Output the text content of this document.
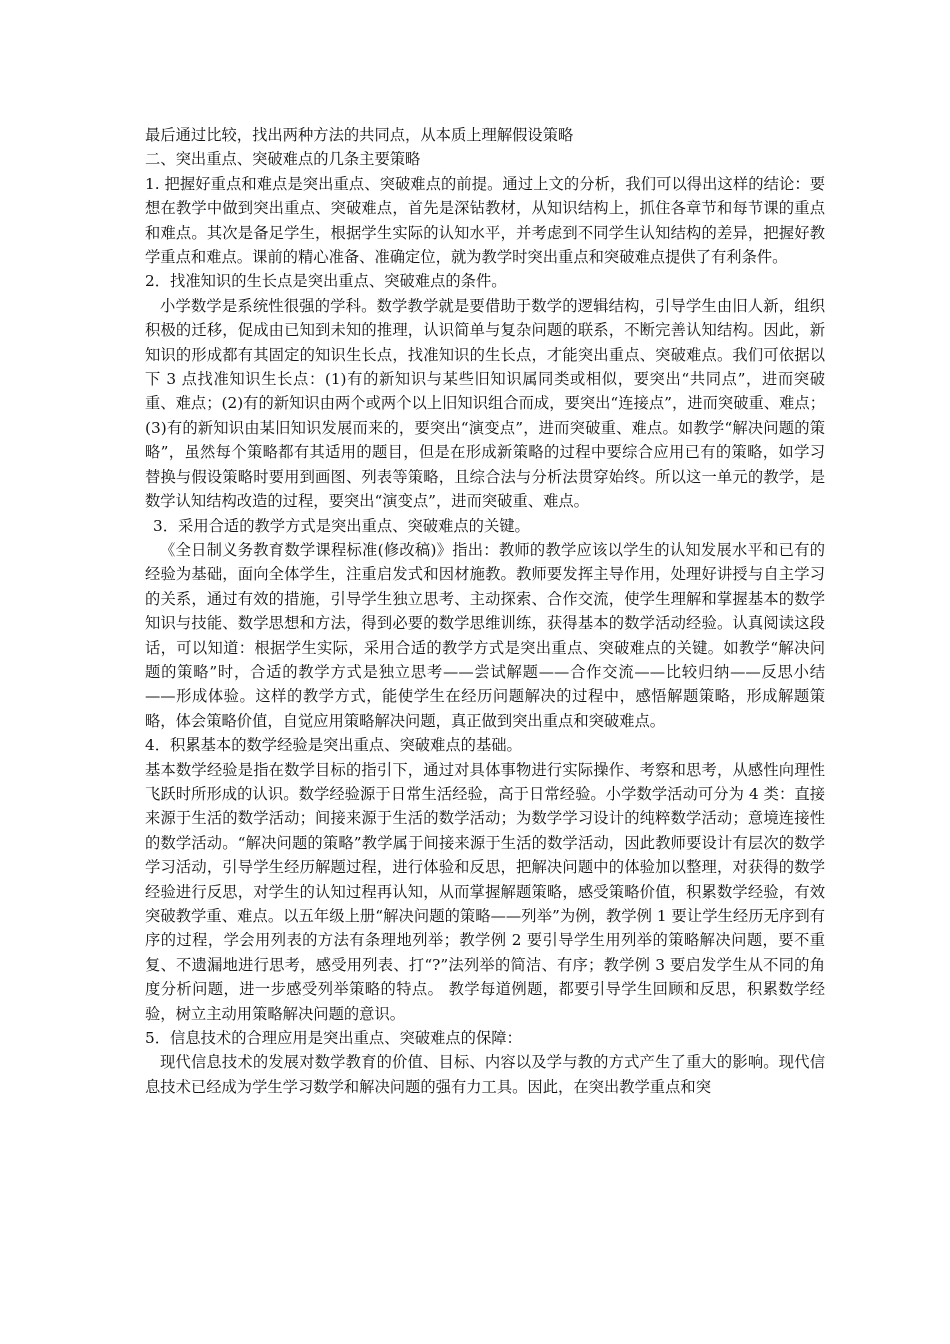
最后通过比较，找出两种方法的共同点，从本质上理解假设策略

二、突出重点、突破难点的几条主要策略

1. 把握好重点和难点是突出重点、突破难点的前提。通过上文的分析，我们可以得出这样的结论：要想在教学中做到突出重点、突破难点，首先是深钻教材，从知识结构上，抓住各章节和每节课的重点和难点。其次是备足学生，根据学生实际的认知水平，并考虑到不同学生认知结构的差异，把握好教学重点和难点。课前的精心准备、准确定位，就为教学时突出重点和突破难点提供了有利条件。

2．找准知识的生长点是突出重点、突破难点的条件。

小学数学是系统性很强的学科。数学教学就是要借助于数学的逻辑结构，引导学生由旧人新，组织积极的迁移，促成由已知到未知的推理，认识简单与复杂问题的联系，不断完善认知结构。因此，新知识的形成都有其固定的知识生长点，找准知识的生长点，才能突出重点、突破难点。我们可依据以下 3 点找准知识生长点：(1)有的新知识与某些旧知识属同类或相似，要突出“共同点”，进而突破重、难点；(2)有的新知识由两个或两个以上旧知识组合而成，要突出“连接点”，进而突破重、难点；(3)有的新知识由某旧知识发展而来的，要突出“演变点”，进而突破重、难点。如教学“解决问题的策略”，虽然每个策略都有其适用的题目，但是在形成新策略的过程中要综合应用已有的策略，如学习替换与假设策略时要用到画图、列表等策略，且综合法与分析法贯穿始终。所以这一单元的教学，是数学认知结构改造的过程，要突出“演变点”，进而突破重、难点。

3．采用合适的教学方式是突出重点、突破难点的关键。

《全日制义务教育数学课程标准(修改稿)》指出：教师的教学应该以学生的认知发展水平和已有的经验为基础，面向全体学生，注重启发式和因材施教。教师要发挥主导作用，处理好讲授与自主学习的关系，通过有效的措施，引导学生独立思考、主动探索、合作交流，使学生理解和掌握基本的数学知识与技能、数学思想和方法，得到必要的数学思维训练，获得基本的数学活动经验。认真阅读这段话，可以知道：根据学生实际，采用合适的教学方式是突出重点、突破难点的关键。如教学“解决问题的策略”时，合适的教学方式是独立思考——尝试解题——合作交流——比较归纳——反思小结——形成体验。这样的教学方式，能使学生在经历问题解决的过程中，感悟解题策略，形成解题策略，体会策略价值，自觉应用策略解决问题，真正做到突出重点和突破难点。

4．积累基本的数学经验是突出重点、突破难点的基础。

基本数学经验是指在数学目标的指引下，通过对具体事物进行实际操作、考察和思考，从感性向理性飞跃时所形成的认识。数学经验源于日常生活经验，高于日常经验。小学数学活动可分为 4 类：直接来源于生活的数学活动；间接来源于生活的数学活动；为数学学习设计的纯粹数学活动；意境连接性的数学活动。“解决问题的策略”教学属于间接来源于生活的数学活动，因此教师要设计有层次的数学学习活动，引导学生经历解题过程，进行体验和反思，把解决问题中的体验加以整理，对获得的数学经验进行反思，对学生的认知过程再认知，从而掌握解题策略，感受策略价值，积累数学经验，有效突破教学重、难点。以五年级上册“解决问题的策略——列举”为例，教学例 1 要让学生经历无序到有序的过程，学会用列表的方法有条理地列举；教学例 2 要引导学生用列举的策略解决问题，要不重复、不遗漏地进行思考，感受用列表、打“?”法列举的简洁、有序；教学例 3 要启发学生从不同的角度分析问题，进一步感受列举策略的特点。 教学每道例题，都要引导学生回顾和反思，积累数学经验，树立主动用策略解决问题的意识。

5．信息技术的合理应用是突出重点、突破难点的保障：

现代信息技术的发展对数学教育的价值、目标、内容以及学与教的方式产生了重大的影响。现代信息技术已经成为学生学习数学和解决问题的强有力工具。因此，在突出教学重点和突
